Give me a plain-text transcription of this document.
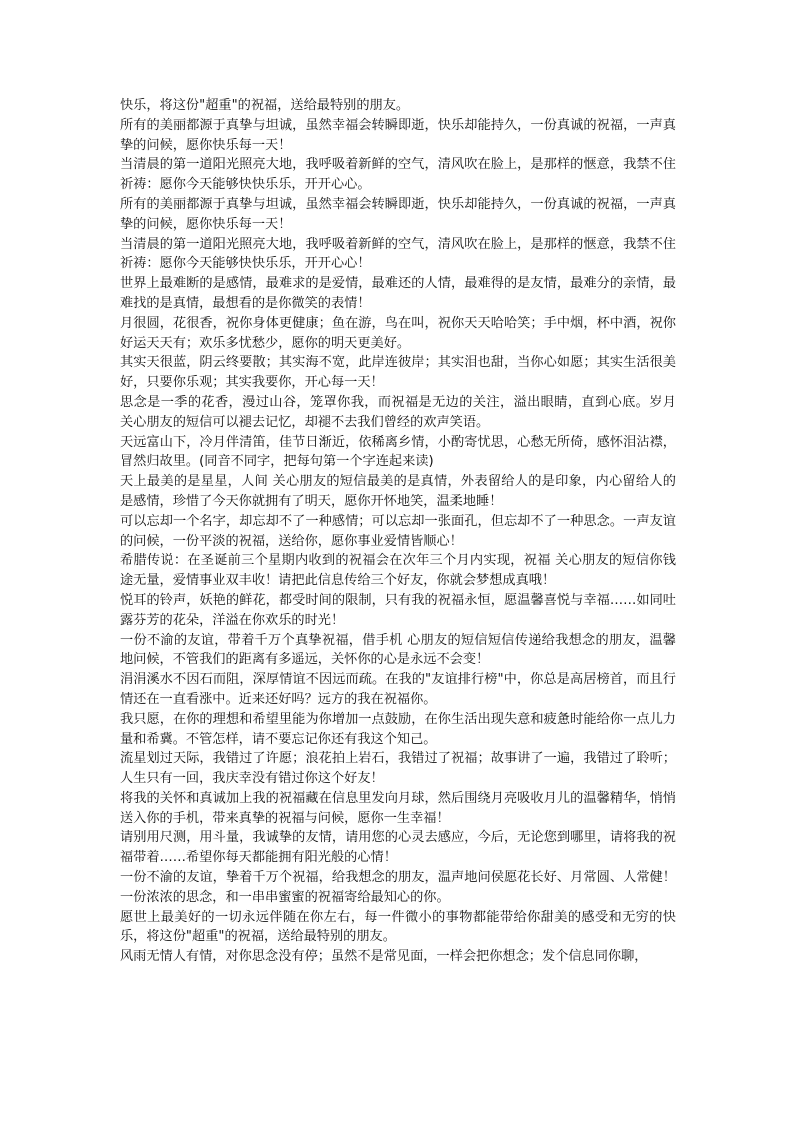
快乐，将这份"超重"的祝福，送给最特别的朋友。

所有的美丽都源于真挚与坦诚，虽然幸福会转瞬即逝，快乐却能持久，一份真诚的祝福，一声真挚的问候，愿你快乐每一天！

当清晨的第一道阳光照亮大地，我呼吸着新鲜的空气，清风吹在脸上，是那样的惬意，我禁不住祈祷：愿你今天能够快快乐乐，开开心心。

所有的美丽都源于真挚与坦诚，虽然幸福会转瞬即逝，快乐却能持久，一份真诚的祝福，一声真挚的问候，愿你快乐每一天！

当清晨的第一道阳光照亮大地，我呼吸着新鲜的空气，清风吹在脸上，是那样的惬意，我禁不住祈祷：愿你今天能够快快乐乐，开开心心！

世界上最难断的是感情，最难求的是爱情，最难还的人情，最难得的是友情，最难分的亲情，最难找的是真情，最想看的是你微笑的表情！

月很圆，花很香，祝你身体更健康；鱼在游，鸟在叫，祝你天天哈哈笑；手中烟，杯中酒，祝你好运天天有；欢乐多忧愁少，愿你的明天更美好。

其实天很蓝，阴云终要散；其实海不宽，此岸连彼岸；其实泪也甜，当你心如愿；其实生活很美好，只要你乐观；其实我要你，开心每一天！

思念是一季的花香，漫过山谷，笼罩你我，而祝福是无边的关注，溢出眼睛，直到心底。岁月 关心朋友的短信可以褪去记忆，却褪不去我们曾经的欢声笑语。

天远富山下，冷月伴清笛，佳节日渐近，依稀离乡情，小酌寄忧思，心愁无所倚，感怀泪沾襟，冒然归故里。(同音不同字，把每句第一个字连起来读)

天上最美的是星星，人间 关心朋友的短信最美的是真情，外表留给人的是印象，内心留给人的是感情，珍惜了今天你就拥有了明天，愿你开怀地笑，温柔地睡！

可以忘却一个名字，却忘却不了一种感情；可以忘却一张面孔，但忘却不了一种思念。一声友谊的问候，一份平淡的祝福，送给你，愿你事业爱情皆顺心！

希腊传说：在圣诞前三个星期内收到的祝福会在次年三个月内实现，祝福 关心朋友的短信你钱途无量，爱情事业双丰收！请把此信息传给三个好友，你就会梦想成真哦！

悦耳的铃声，妖艳的鲜花，都受时间的限制，只有我的祝福永恒，愿温馨喜悦与幸福……如同吐露芬芳的花朵，洋溢在你欢乐的时光！

一份不渝的友谊，带着千万个真挚祝福，借手机 心朋友的短信短信传递给我想念的朋友，温馨地问候，不管我们的距离有多遥远，关怀你的心是永远不会变！

涓涓溪水不因石而阻，深厚情谊不因远而疏。在我的"友谊排行榜"中，你总是高居榜首，而且行情还在一直看涨中。近来还好吗？远方的我在祝福你。

我只愿，在你的理想和希望里能为你增加一点鼓励，在你生活出现失意和疲惫时能给你一点儿力量和希冀。不管怎样，请不要忘记你还有我这个知己。

流星划过天际，我错过了许愿；浪花拍上岩石，我错过了祝福；故事讲了一遍，我错过了聆听；人生只有一回，我庆幸没有错过你这个好友！

将我的关怀和真诚加上我的祝福藏在信息里发向月球，然后围绕月亮吸收月儿的温馨精华，悄悄送入你的手机，带来真挚的祝福与问候，愿你一生幸福！

请别用尺测，用斗量，我诚挚的友情，请用您的心灵去感应，今后，无论您到哪里，请将我的祝福带着……希望你每天都能拥有阳光般的心情！

一份不渝的友谊，挚着千万个祝福，给我想念的朋友，温声地问侯愿花长好、月常圆、人常健！一份浓浓的思念，和一串串蜜蜜的祝福寄给最知心的你。

愿世上最美好的一切永远伴随在你左右，每一件微小的事物都能带给你甜美的感受和无穷的快乐，将这份"超重"的祝福，送给最特别的朋友。

风雨无情人有情，对你思念没有停；虽然不是常见面，一样会把你想念；发个信息同你聊，
